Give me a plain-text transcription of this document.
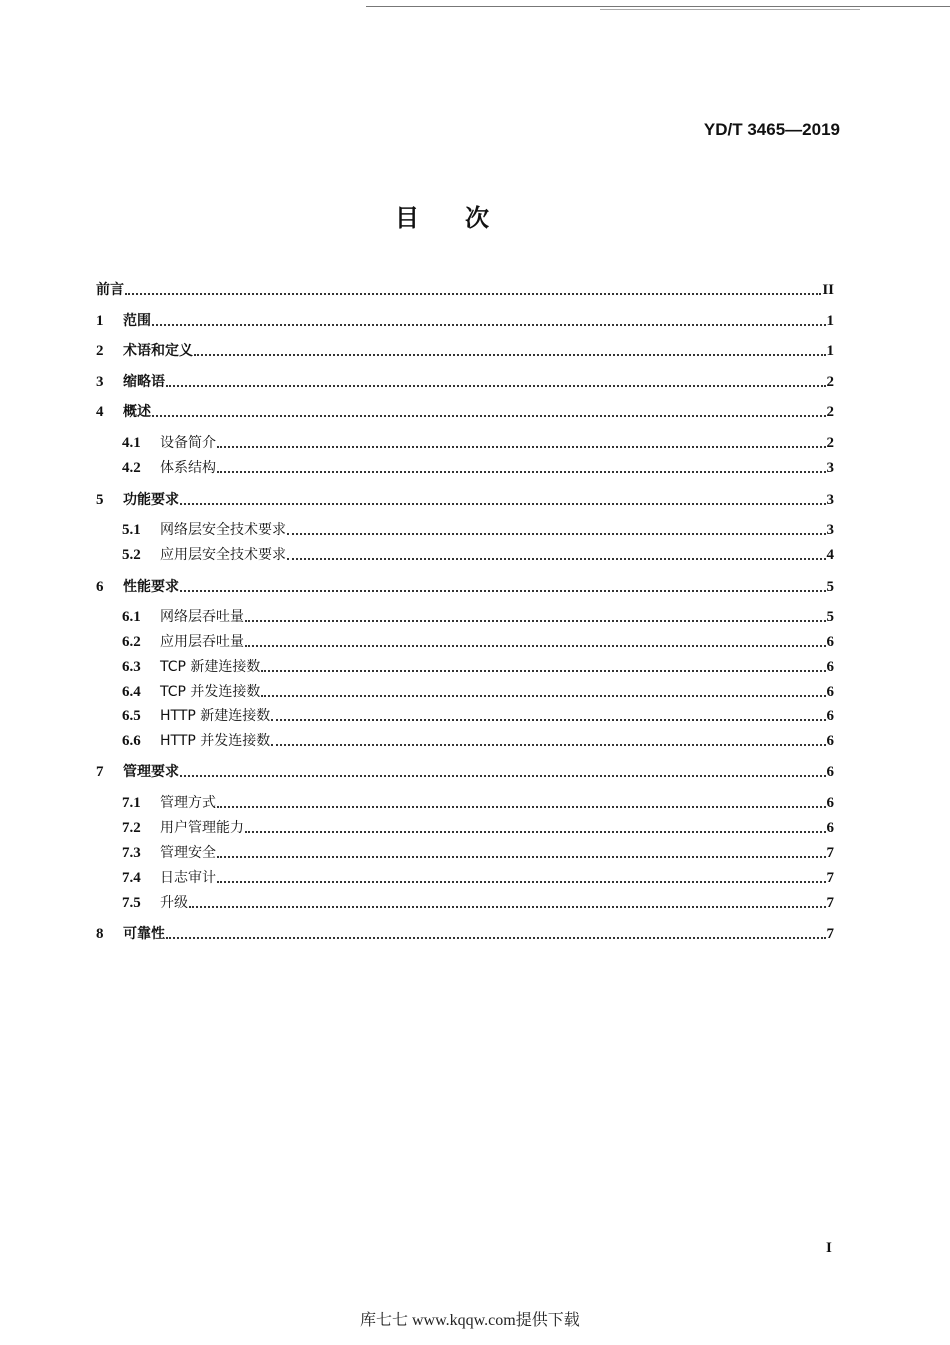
YD/T 3465—2019
目次
前言	II
1	范围	1
2	术语和定义	1
3	缩略语	2
4	概述	2
4.1	设备简介	2
4.2	体系结构	3
5	功能要求	3
5.1	网络层安全技术要求	3
5.2	应用层安全技术要求	4
6	性能要求	5
6.1	网络层吞吐量	5
6.2	应用层吞吐量	6
6.3	TCP 新建连接数	6
6.4	TCP 并发连接数	6
6.5	HTTP 新建连接数	6
6.6	HTTP 并发连接数	6
7	管理要求	6
7.1	管理方式	6
7.2	用户管理能力	6
7.3	管理安全	7
7.4	日志审计	7
7.5	升级	7
8	可靠性	7
I
库七七 www.kqqw.com提供下载
